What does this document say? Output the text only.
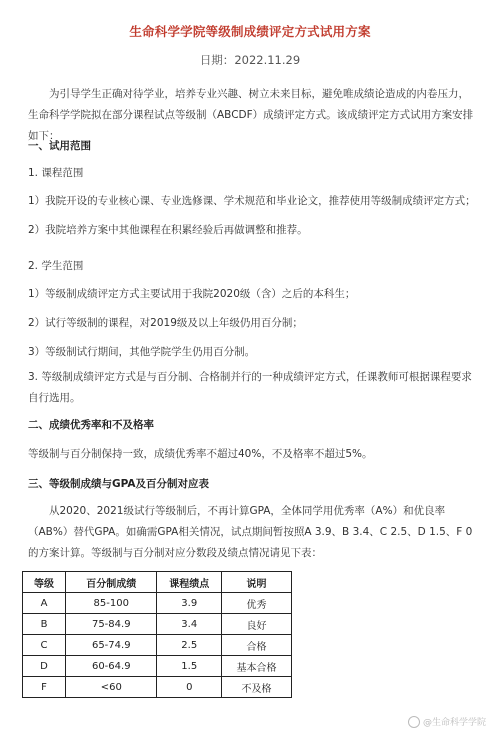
生命科学学院等级制成绩评定方式试用方案
日期：2022.11.29
为引导学生正确对待学业，培养专业兴趣、树立未来目标，避免唯成绩论造成的内卷压力，生命科学学院拟在部分课程试点等级制（ABCDF）成绩评定方式。该成绩评定方式试用方案安排如下：
一、试用范围
1. 课程范围
1）我院开设的专业核心课、专业选修课、学术规范和毕业论文，推荐使用等级制成绩评定方式；
2）我院培养方案中其他课程在积累经验后再做调整和推荐。
2. 学生范围
1）等级制成绩评定方式主要试用于我院2020级（含）之后的本科生；
2）试行等级制的课程，对2019级及以上年级仍用百分制；
3）等级制试行期间，其他学院学生仍用百分制。
3. 等级制成绩评定方式是与百分制、合格制并行的一种成绩评定方式，任课教师可根据课程要求自行选用。
二、成绩优秀率和不及格率
等级制与百分制保持一致，成绩优秀率不超过40%，不及格率不超过5%。
三、等级制成绩与GPA及百分制对应表
从2020、2021级试行等级制后，不再计算GPA，全体同学用优秀率（A%）和优良率（AB%）替代GPA。如确需GPA相关情况，试点期间暂按照A 3.9、B 3.4、C 2.5、D 1.5、F 0 的方案计算。等级制与百分制对应分数段及绩点情况请见下表：
等级	百分制成绩	课程绩点	说明
A	85-100	3.9	优秀
B	75-84.9	3.4	良好
C	65-74.9	2.5	合格
D	60-64.9	1.5	基本合格
F	<60	0	不及格
@生命科学学院
